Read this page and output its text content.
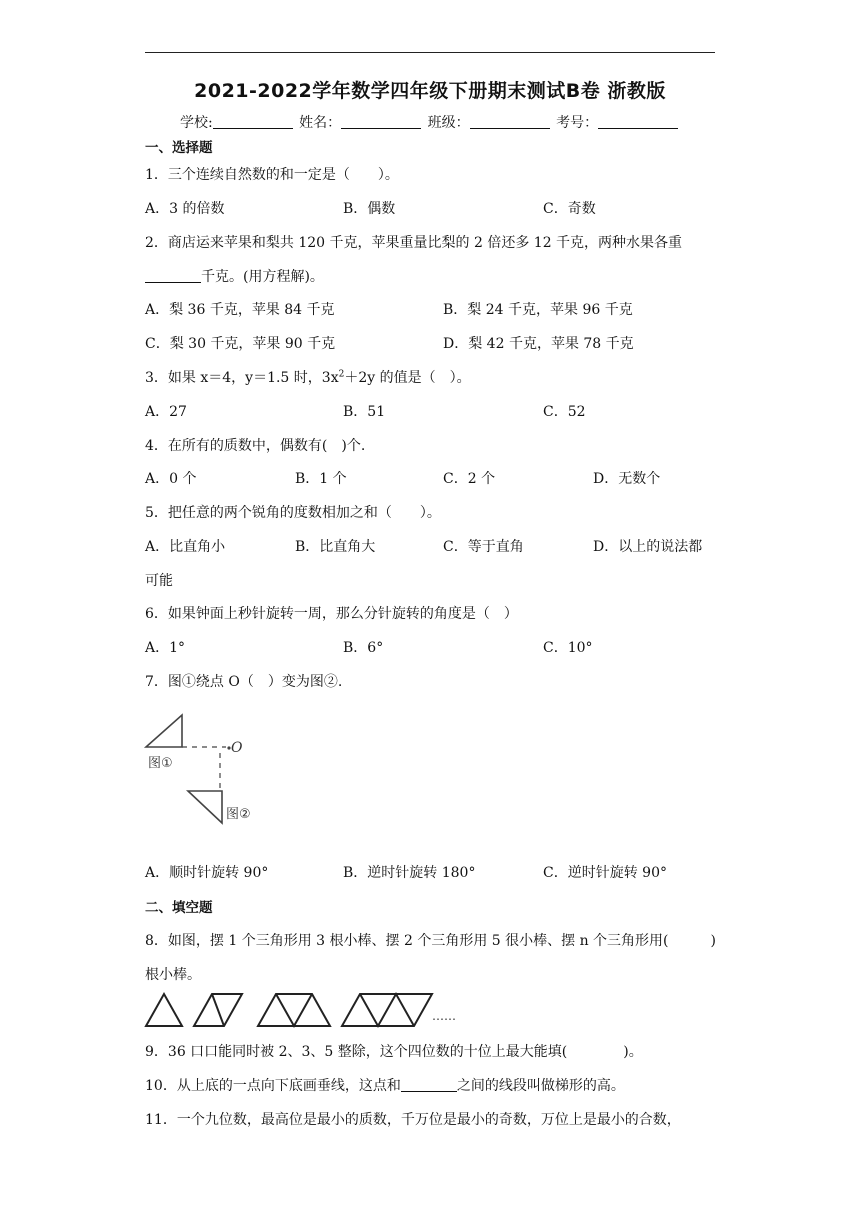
2021-2022学年数学四年级下册期末测试B卷 浙教版
学校:	姓名：	班级：	考号：
一、选择题
1．三个连续自然数的和一定是（　　）。
A．3 的倍数	B．偶数	C．奇数
2．商店运来苹果和梨共 120 千克，苹果重量比梨的 2 倍还多 12 千克，两种水果各重
千克。(用方程解)。
A．梨 36 千克，苹果 84 千克	B．梨 24 千克，苹果 96 千克
C．梨 30 千克，苹果 90 千克	D．梨 42 千克，苹果 78 千克
3．如果 x＝4，y＝1.5 时，$3x^2+2y$ 的值是（　）。
A．27	B．51	C．52
4．在所有的质数中，偶数有(　)个.
A．0 个	B．1 个	C．2 个	D．无数个
5．把任意的两个锐角的度数相加之和（　　）。
A．比直角小	B．比直角大	C．等于直角	D．以上的说法都
可能
6．如果钟面上秒针旋转一周，那么分针旋转的角度是（　）
A．1°	B．6°	C．10°
7．图①绕点 O（　）变为图②.
O
图①
图②
A．顺时针旋转 90°	B．逆时针旋转 180°	C．逆时针旋转 90°
二、填空题
8．如图，摆 1 个三角形用 3 根小棒、摆 2 个三角形用 5 很小棒、摆 n 个三角形用(　　　)
根小棒。
……
9．36 口口能同时被 2、3、5 整除，这个四位数的十位上最大能填(　　　　)。
10．从上底的一点向下底画垂线，这点和	之间的线段叫做梯形的高。
11．一个九位数，最高位是最小的质数，千万位是最小的奇数，万位上是最小的合数，
